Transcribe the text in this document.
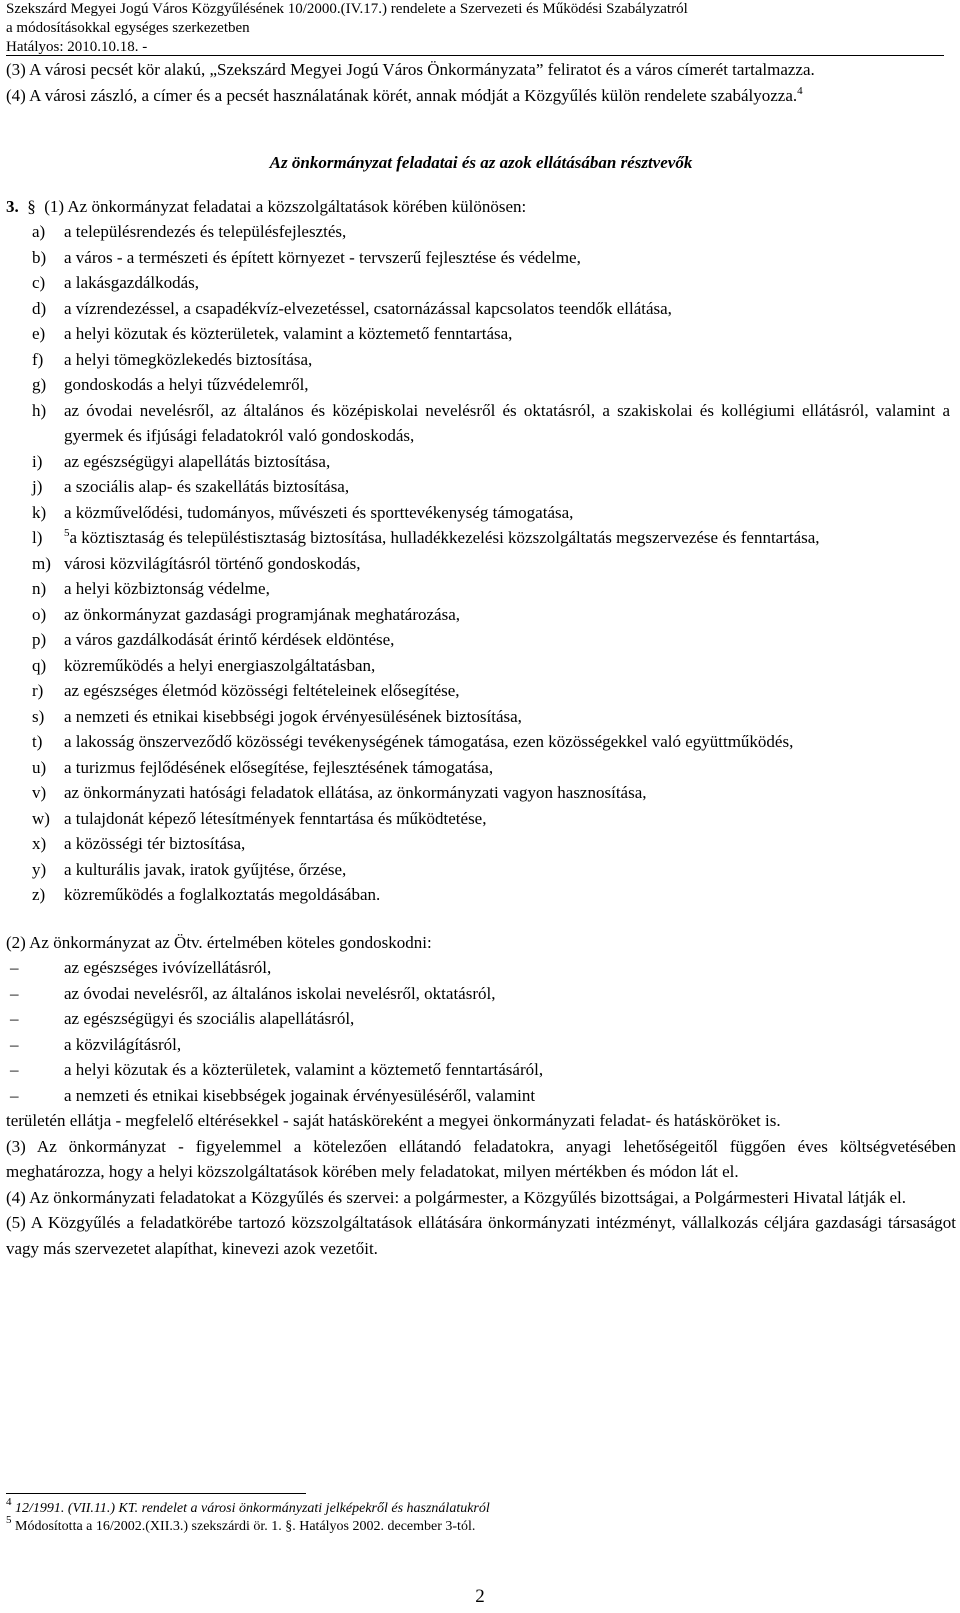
Szekszárd Megyei Jogú Város Közgyűlésének 10/2000.(IV.17.) rendelete a Szervezeti és Működési Szabályzatról
a módosításokkal egységes szerkezetben
Hatályos: 2010.10.18. -

(3) A városi pecsét kör alakú, „Szekszárd Megyei Jogú Város Önkormányzata” feliratot és a város címerét tartalmazza.

(4) A városi zászló, a címer és a pecsét használatának körét, annak módját a Közgyűlés külön rendelete szabályozza.$^4$

Az önkormányzat feladatai és az azok ellátásában résztvevők

3. § (1) Az önkormányzat feladatai a közszolgáltatások körében különösen:

a)	a településrendezés és településfejlesztés,
b)	a város - a természeti és épített környezet - tervszerű fejlesztése és védelme,
c)	a lakásgazdálkodás,
d)	a vízrendezéssel, a csapadékvíz-elvezetéssel, csatornázással kapcsolatos teendők ellátása,
e)	a helyi közutak és közterületek, valamint a köztemető fenntartása,
f)	a helyi tömegközlekedés biztosítása,
g)	gondoskodás a helyi tűzvédelemről,
h)	az óvodai nevelésről, az általános és középiskolai nevelésről és oktatásról, a szakiskolai és kollégiumi ellátásról, valamint a gyermek és ifjúsági feladatokról való gondoskodás,
i)	az egészségügyi alapellátás biztosítása,
j)	a szociális alap- és szakellátás biztosítása,
k)	a közművelődési, tudományos, művészeti és sporttevékenység támogatása,
l)	$^5$a köztisztaság és településtisztaság biztosítása, hulladékkezelési közszolgáltatás megszervezése és fenntartása,
m) városi közvilágításról történő gondoskodás,
n)	a helyi közbiztonság védelme,
o)	az önkormányzat gazdasági programjának meghatározása,
p)	a város gazdálkodását érintő kérdések eldöntése,
q)	közreműködés a helyi energiaszolgáltatásban,
r)	az egészséges életmód közösségi feltételeinek elősegítése,
s)	a nemzeti és etnikai kisebbségi jogok érvényesülésének biztosítása,
t)	a lakosság önszerveződő közösségi tevékenységének támogatása, ezen közösségekkel való együttműködés,
u)	a turizmus fejlődésének elősegítése, fejlesztésének támogatása,
v)	az önkormányzati hatósági feladatok ellátása, az önkormányzati vagyon hasznosítása,
w) a tulajdonát képező létesítmények fenntartása és működtetése,
x)	a közösségi tér biztosítása,
y)	a kulturális javak, iratok gyűjtése, őrzése,
z)	közreműködés a foglalkoztatás megoldásában.

(2) Az önkormányzat az Ötv. értelmében köteles gondoskodni:

–	az egészséges ivóvízellátásról,
–	az óvodai nevelésről, az általános iskolai nevelésről, oktatásról,
–	az egészségügyi és szociális alapellátásról,
–	a közvilágításról,
–	a helyi közutak és a közterületek, valamint a köztemető fenntartásáról,
–	a nemzeti és etnikai kisebbségek jogainak érvényesüléséről, valamint

területén ellátja - megfelelő eltérésekkel - saját hatásköreként a megyei önkormányzati feladat- és hatásköröket is.

(3) Az önkormányzat - figyelemmel a kötelezően ellátandó feladatokra, anyagi lehetőségeitől függően éves költségvetésében meghatározza, hogy a helyi közszolgáltatások körében mely feladatokat, milyen mértékben és módon lát el.

(4) Az önkormányzati feladatokat a Közgyűlés és szervei: a polgármester, a Közgyűlés bizottságai, a Polgármesteri Hivatal látják el.

(5) A Közgyűlés a feladatkörébe tartozó közszolgáltatások ellátására önkormányzati intézményt, vállalkozás céljára gazdasági társaságot vagy más szervezetet alapíthat, kinevezi azok vezetőit.

$^4$ 12/1991. (VII.11.) KT. rendelet a városi önkormányzati jelképekről és használatukról
$^5$ Módosította a 16/2002.(XII.3.) szekszárdi ör. 1. §. Hatályos 2002. december 3-tól.
2
